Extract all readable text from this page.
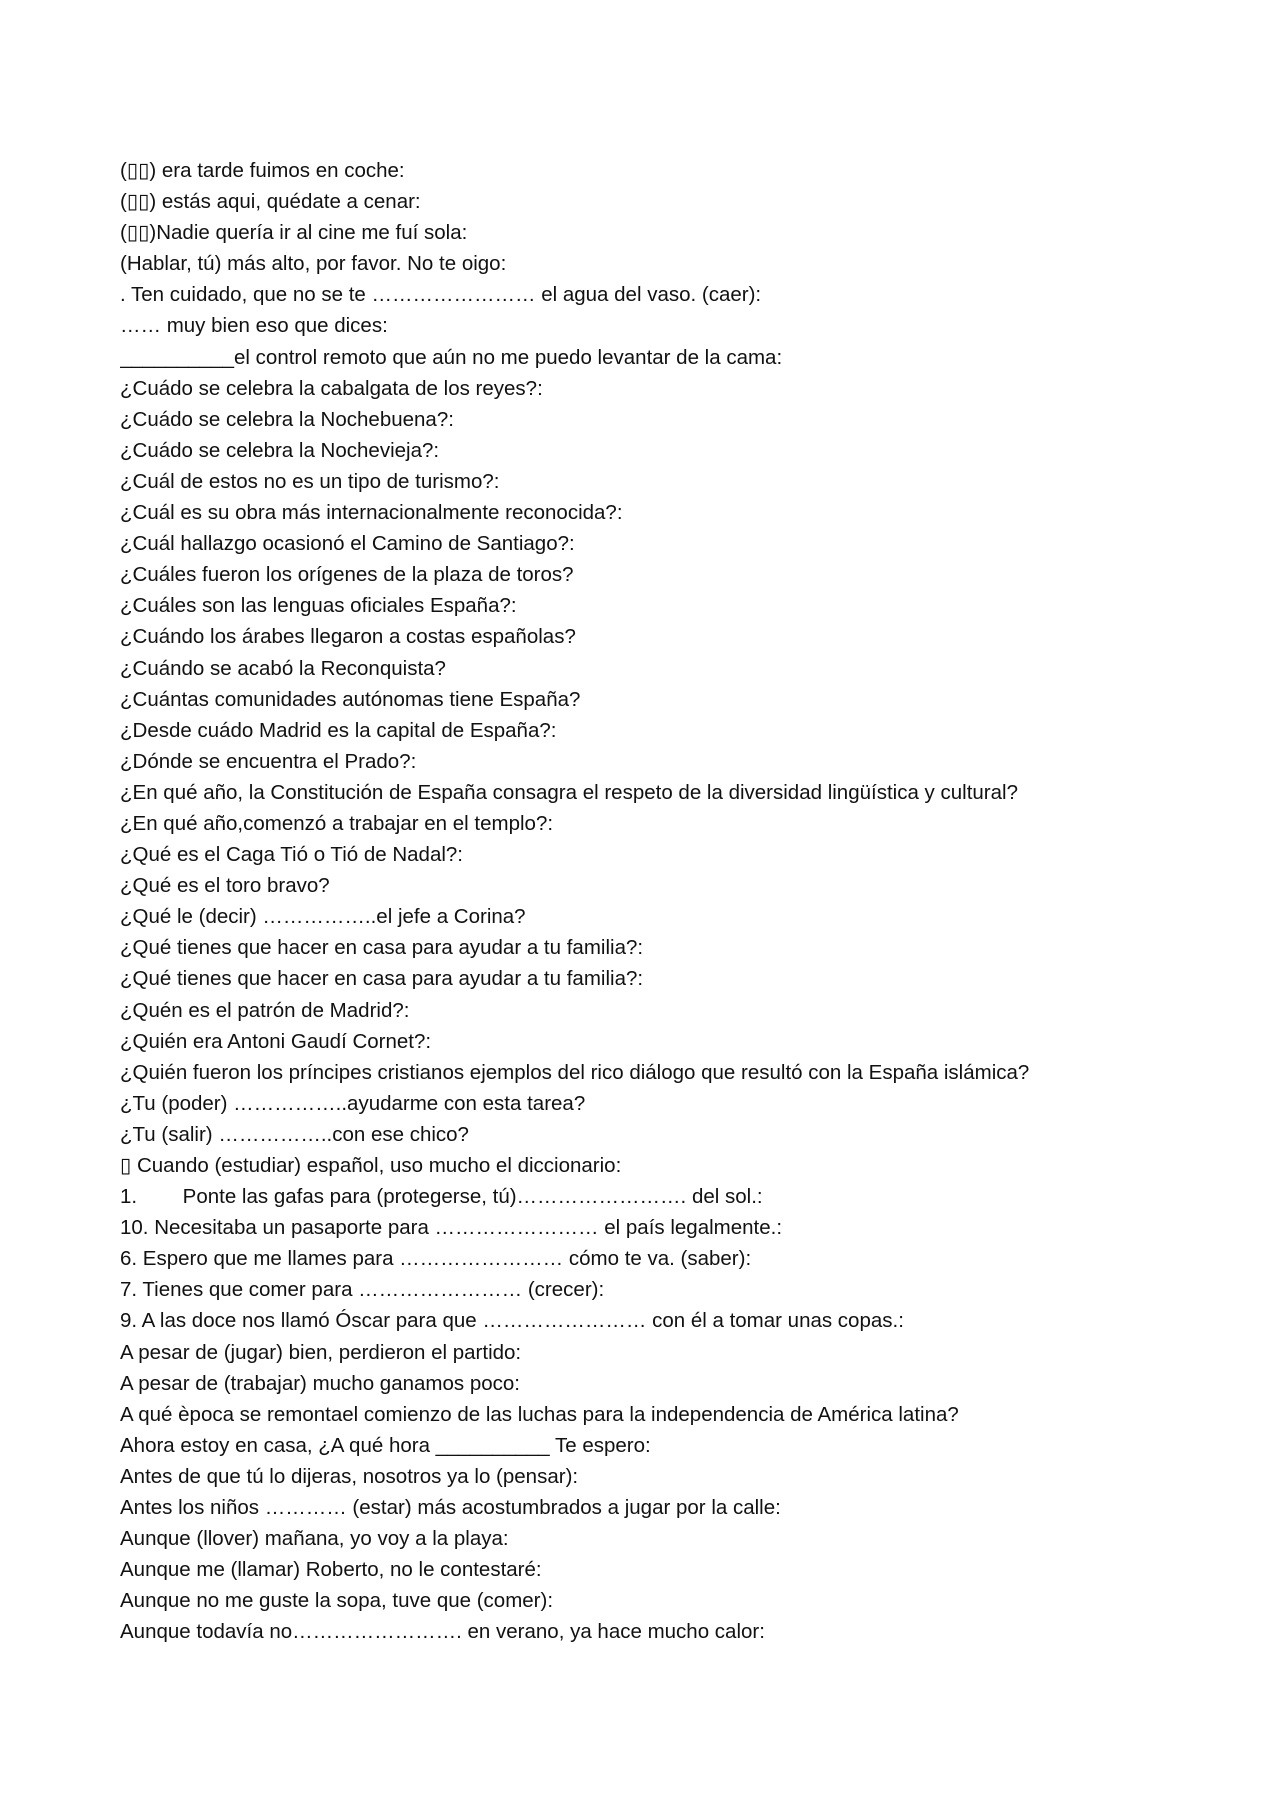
(▯▯) era tarde fuimos en coche:
(▯▯) estás aqui, quédate a cenar:
(▯▯)Nadie quería ir al cine me fuí sola:
(Hablar, tú) más alto, por favor. No te oigo:
. Ten cuidado, que no se te …………………… el agua del vaso. (caer):
…… muy bien eso que dices:
__________el control remoto que aún no me puedo levantar de la cama:
¿Cuádo se celebra la cabalgata de los reyes?:
¿Cuádo se celebra la Nochebuena?:
¿Cuádo se celebra la Nochevieja?:
¿Cuál de estos no es un tipo de turismo?:
¿Cuál es su obra más internacionalmente reconocida?:
¿Cuál hallazgo ocasionó el Camino de Santiago?:
¿Cuáles fueron los orígenes de la plaza de toros?
¿Cuáles son las lenguas oficiales España?:
¿Cuándo los árabes llegaron a costas españolas?
¿Cuándo se acabó la Reconquista?
¿Cuántas comunidades autónomas tiene España?
¿Desde cuádo Madrid es la capital de España?:
¿Dónde se encuentra el Prado?:
¿En qué año, la Constitución de España consagra el respeto de la diversidad lingüística y cultural?
¿En qué año,comenzó a trabajar en el templo?:
¿Qué es el Caga Tió o Tió de Nadal?:
¿Qué es el toro bravo?
¿Qué le (decir) ……………..el jefe a Corina?
¿Qué tienes que hacer en casa para ayudar a tu familia?:
¿Qué tienes que hacer en casa para ayudar a tu familia?:
¿Quén es el patrón de Madrid?:
¿Quién era Antoni Gaudí Cornet?:
¿Quién fueron los príncipes cristianos ejemplos del rico diálogo que resultó con la España islámica?
¿Tu (poder) ……………..ayudarme con esta tarea?
¿Tu (salir) ……………..con ese chico?
▯ Cuando (estudiar) español, uso mucho el diccionario:
1.        Ponte las gafas para (protegerse, tú)……………………. del sol.:
10. Necesitaba un pasaporte para …………………… el país legalmente.:
6. Espero que me llames para …………………… cómo te va. (saber):
7. Tienes que comer para …………………… (crecer):
9. A las doce nos llamó Óscar para que …………………… con él a tomar unas copas.:
A pesar de (jugar) bien, perdieron el partido:
A pesar de (trabajar) mucho ganamos poco:
A qué època se remontael comienzo de las luchas para la independencia de América latina?
Ahora estoy en casa, ¿A qué hora __________ Te espero:
Antes de que tú lo dijeras, nosotros ya lo (pensar):
Antes los niños ………… (estar) más acostumbrados a jugar por la calle:
Aunque (llover) mañana, yo voy a la playa:
Aunque me (llamar) Roberto, no le contestaré:
Aunque no me guste la sopa, tuve que (comer):
Aunque todavía no……………………. en verano, ya hace mucho calor:
